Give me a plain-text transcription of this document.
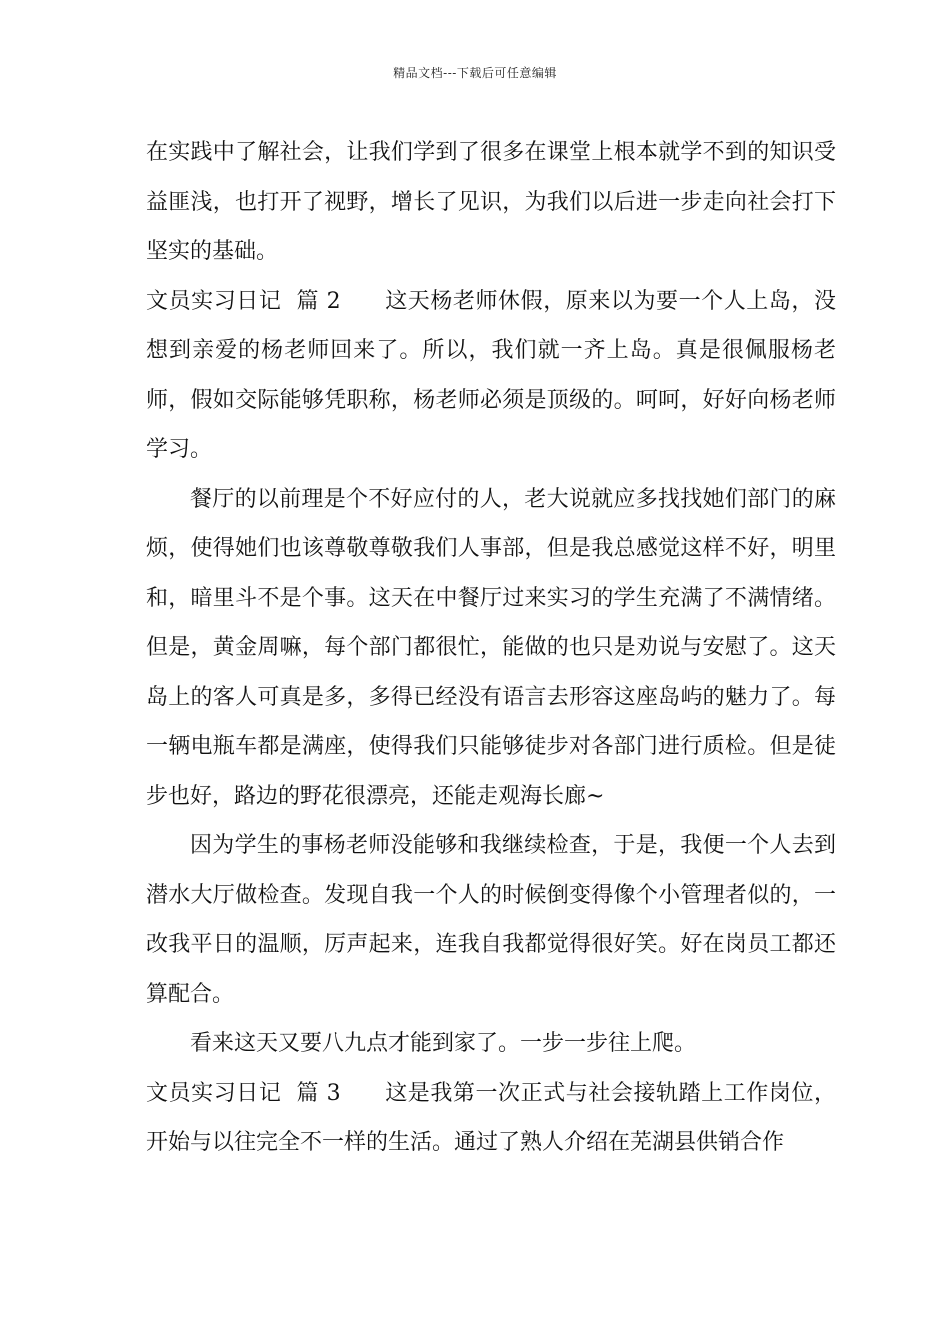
精品文档---下载后可任意编辑

在实践中了解社会，让我们学到了很多在课堂上根本就学不到的知识受益匪浅，也打开了视野，增长了见识，为我们以后进一步走向社会打下坚实的基础。

文员实习日记  篇 2 这天杨老师休假，原来以为要一个人上岛，没想到亲爱的杨老师回来了。所以，我们就一齐上岛。真是很佩服杨老师，假如交际能够凭职称，杨老师必须是顶级的。呵呵，好好向杨老师学习。

餐厅的以前理是个不好应付的人，老大说就应多找找她们部门的麻烦，使得她们也该尊敬尊敬我们人事部，但是我总感觉这样不好，明里和，暗里斗不是个事。这天在中餐厅过来实习的学生充满了不满情绪。但是，黄金周嘛，每个部门都很忙，能做的也只是劝说与安慰了。这天岛上的客人可真是多，多得已经没有语言去形容这座岛屿的魅力了。每一辆电瓶车都是满座，使得我们只能够徒步对各部门进行质检。但是徒步也好，路边的野花很漂亮，还能走观海长廊~

因为学生的事杨老师没能够和我继续检查，于是，我便一个人去到潜水大厅做检查。发现自我一个人的时候倒变得像个小管理者似的，一改我平日的温顺，厉声起来，连我自我都觉得很好笑。好在岗员工都还算配合。

看来这天又要八九点才能到家了。一步一步往上爬。

文员实习日记  篇 3 这是我第一次正式与社会接轨踏上工作岗位，开始与以往完全不一样的生活。通过了熟人介绍在芜湖县供销合作
